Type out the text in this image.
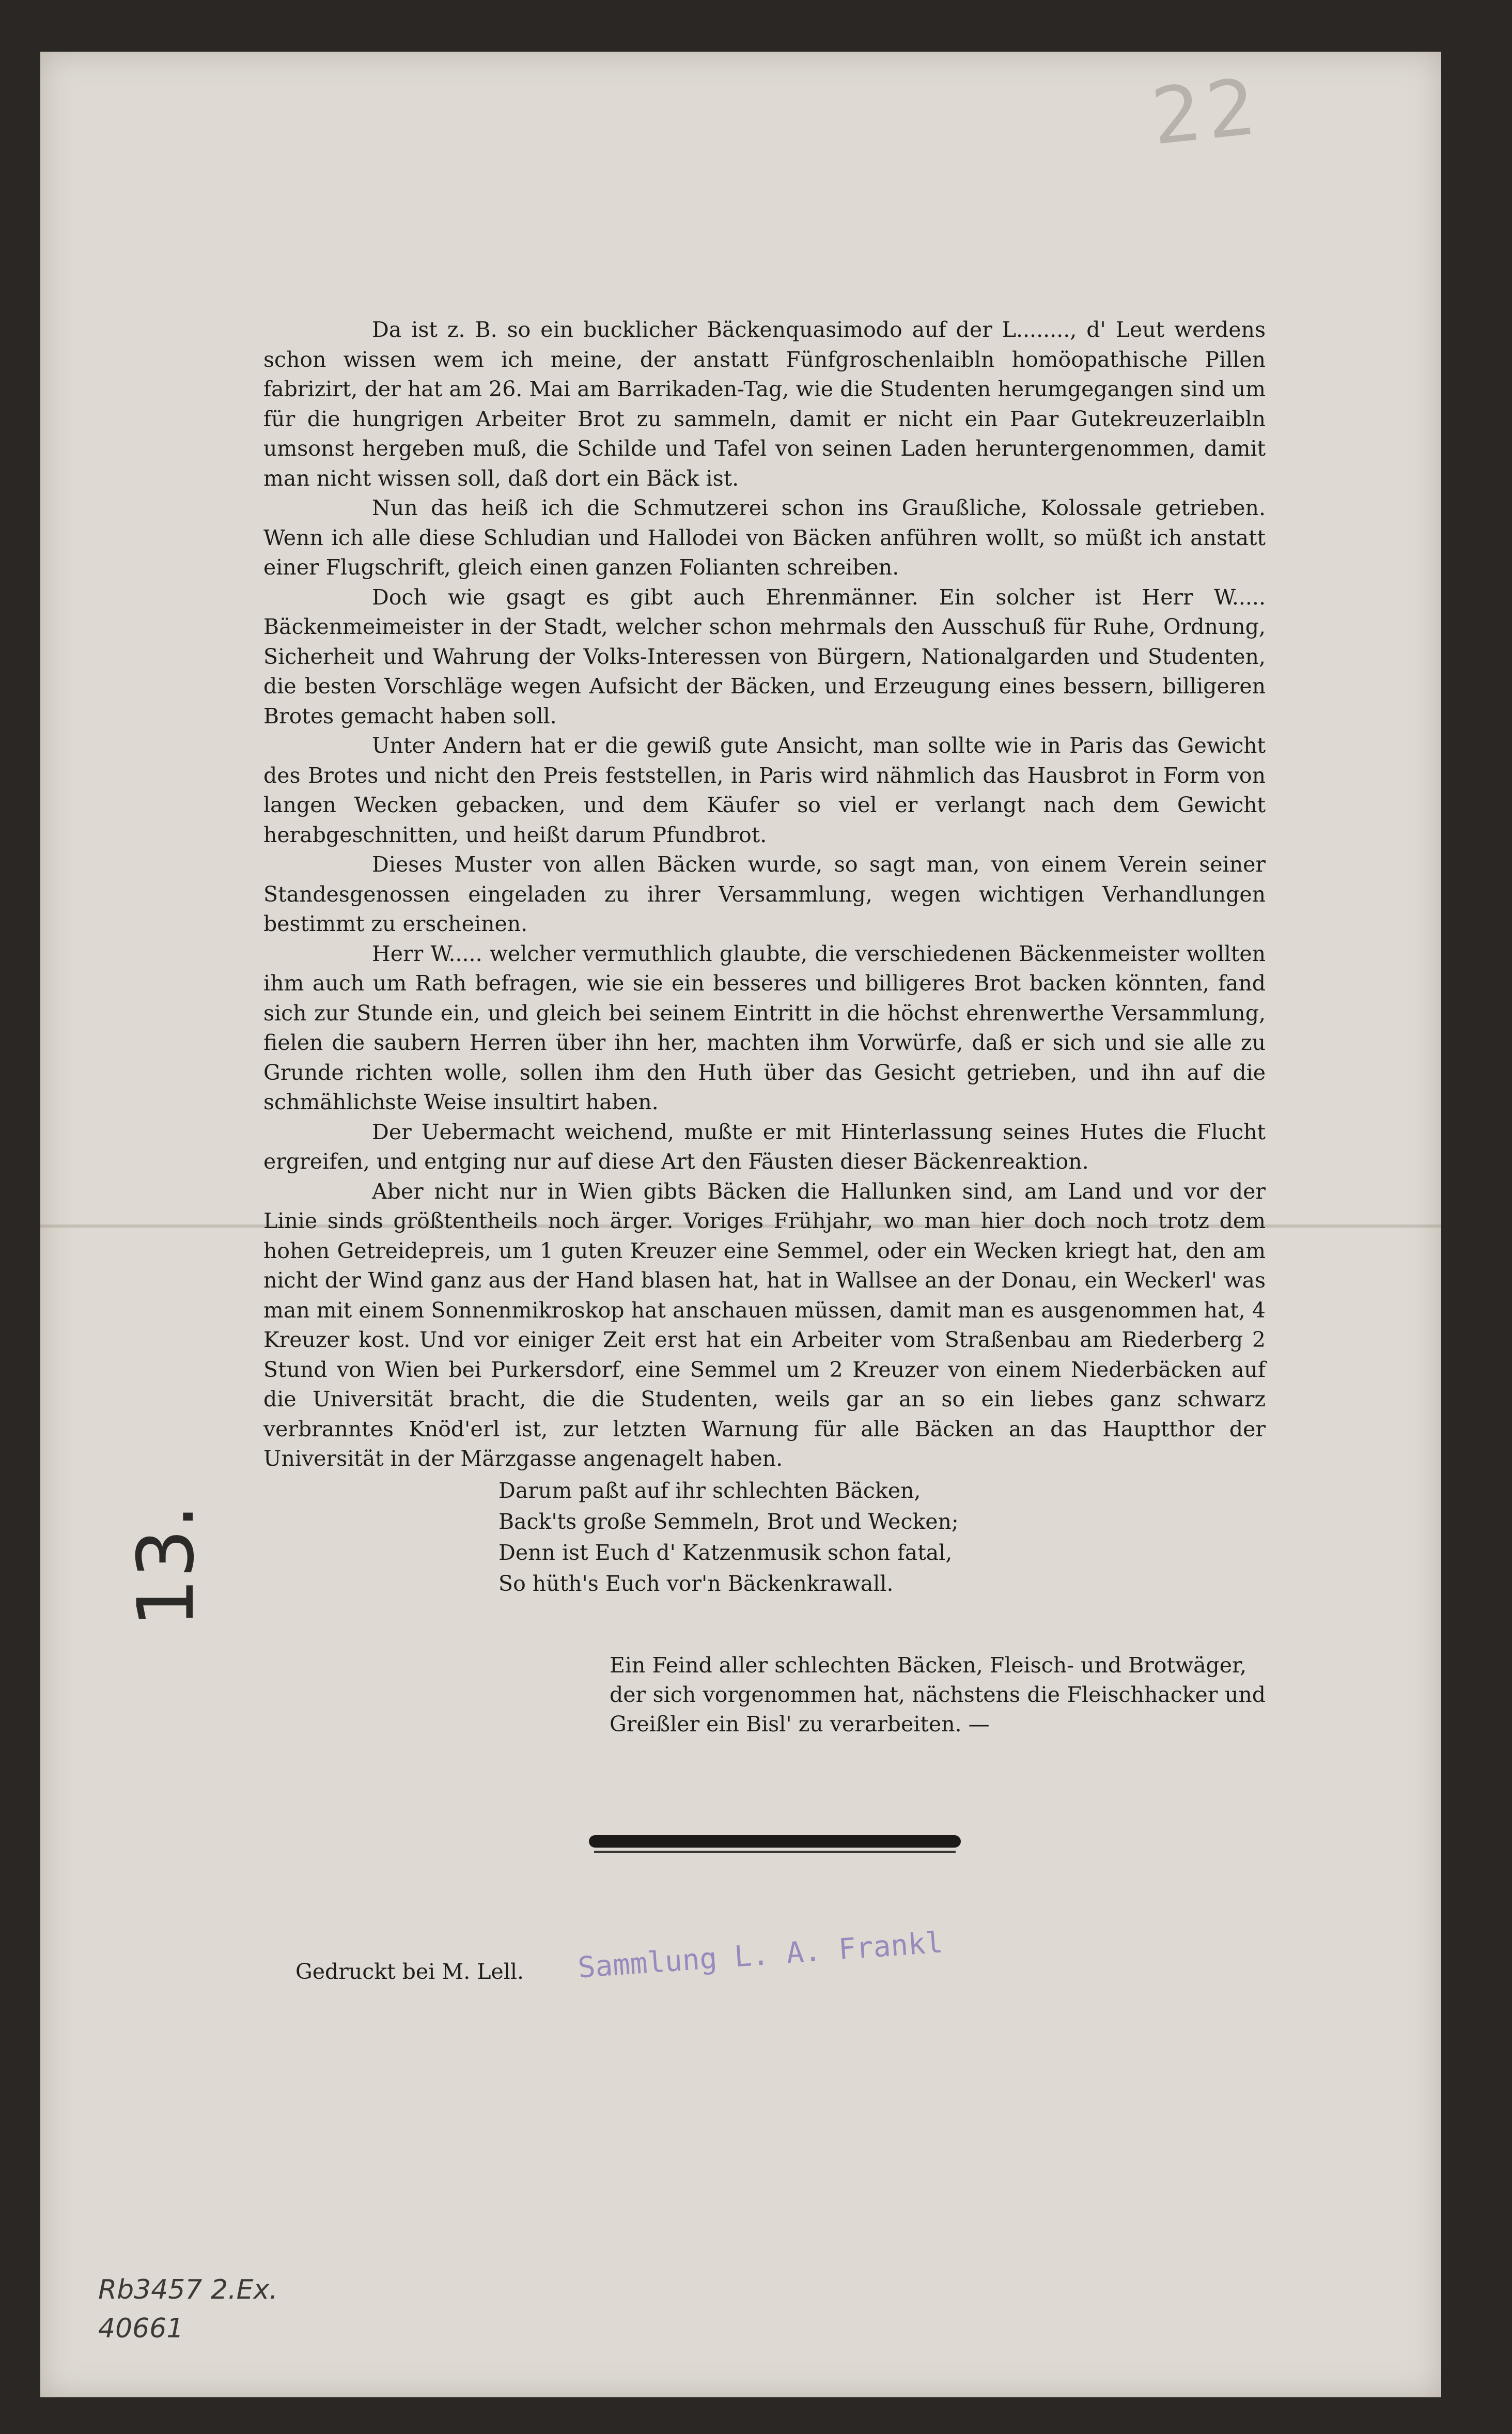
22

Da ist z. B. so ein bucklicher Bäckenquasimodo auf der L........, d' Leut werdens schon wissen wem ich meine, der anstatt Fünfgroschenlaibln homöopathische Pillen fabrizirt, der hat am 26. Mai am Barrikaden-Tag, wie die Studenten herumgegangen sind um für die hungrigen Arbeiter Brot zu sammeln, damit er nicht ein Paar Gutekreuzerlaibln umsonst hergeben muß, die Schilde und Tafel von seinen Laden heruntergenommen, damit man nicht wissen soll, daß dort ein Bäck ist.

Nun das heiß ich die Schmutzerei schon ins Graußliche, Kolossale getrieben. Wenn ich alle diese Schludian und Hallodei von Bäcken anführen wollt, so müßt ich anstatt einer Flugschrift, gleich einen ganzen Folianten schreiben.

Doch wie gsagt es gibt auch Ehrenmänner. Ein solcher ist Herr W..... Bäckenmeimeister in der Stadt, welcher schon mehrmals den Ausschuß für Ruhe, Ordnung, Sicherheit und Wahrung der Volks-Interessen von Bürgern, Nationalgarden und Studenten, die besten Vorschläge wegen Aufsicht der Bäcken, und Erzeugung eines bessern, billigeren Brotes gemacht haben soll.

Unter Andern hat er die gewiß gute Ansicht, man sollte wie in Paris das Gewicht des Brotes und nicht den Preis feststellen, in Paris wird nähmlich das Hausbrot in Form von langen Wecken gebacken, und dem Käufer so viel er verlangt nach dem Gewicht herabgeschnitten, und heißt darum Pfundbrot.

Dieses Muster von allen Bäcken wurde, so sagt man, von einem Verein seiner Standesgenossen eingeladen zu ihrer Versammlung, wegen wichtigen Verhandlungen bestimmt zu erscheinen.

Herr W..... welcher vermuthlich glaubte, die verschiedenen Bäckenmeister wollten ihm auch um Rath befragen, wie sie ein besseres und billigeres Brot backen könnten, fand sich zur Stunde ein, und gleich bei seinem Eintritt in die höchst ehrenwerthe Versammlung, fielen die saubern Herren über ihn her, machten ihm Vorwürfe, daß er sich und sie alle zu Grunde richten wolle, sollen ihm den Huth über das Gesicht getrieben, und ihn auf die schmählichste Weise insultirt haben.

Der Uebermacht weichend, mußte er mit Hinterlassung seines Hutes die Flucht ergreifen, und entging nur auf diese Art den Fäusten dieser Bäckenreaktion.

Aber nicht nur in Wien gibts Bäcken die Hallunken sind, am Land und vor der Linie sinds größtentheils noch ärger. Voriges Frühjahr, wo man hier doch noch trotz dem hohen Getreidepreis, um 1 guten Kreuzer eine Semmel, oder ein Wecken kriegt hat, den am nicht der Wind ganz aus der Hand blasen hat, hat in Wallsee an der Donau, ein Weckerl' was man mit einem Sonnenmikroskop hat anschauen müssen, damit man es ausgenommen hat, 4 Kreuzer kost. Und vor einiger Zeit erst hat ein Arbeiter vom Straßenbau am Riederberg 2 Stund von Wien bei Purkersdorf, eine Semmel um 2 Kreuzer von einem Niederbäcken auf die Universität bracht, die die Studenten, weils gar an so ein liebes ganz schwarz verbranntes Knöd'erl ist, zur letzten Warnung für alle Bäcken an das Hauptthor der Universität in der Märzgasse angenagelt haben.

Darum paßt auf ihr schlechten Bäcken,
Back'ts große Semmeln, Brot und Wecken;
Denn ist Euch d' Katzenmusik schon fatal,
So hüth's Euch vor'n Bäckenkrawall.
Ein Feind aller schlechten Bäcken, Fleisch- und Brotwäger,
der sich vorgenommen hat, nächstens die Fleischhacker und Greißler ein Bisl' zu verarbeiten. —
Gedruckt bei M. Lell. Sammlung L. A. Frankl
13.
Rb3457 2.Ex.
40661
